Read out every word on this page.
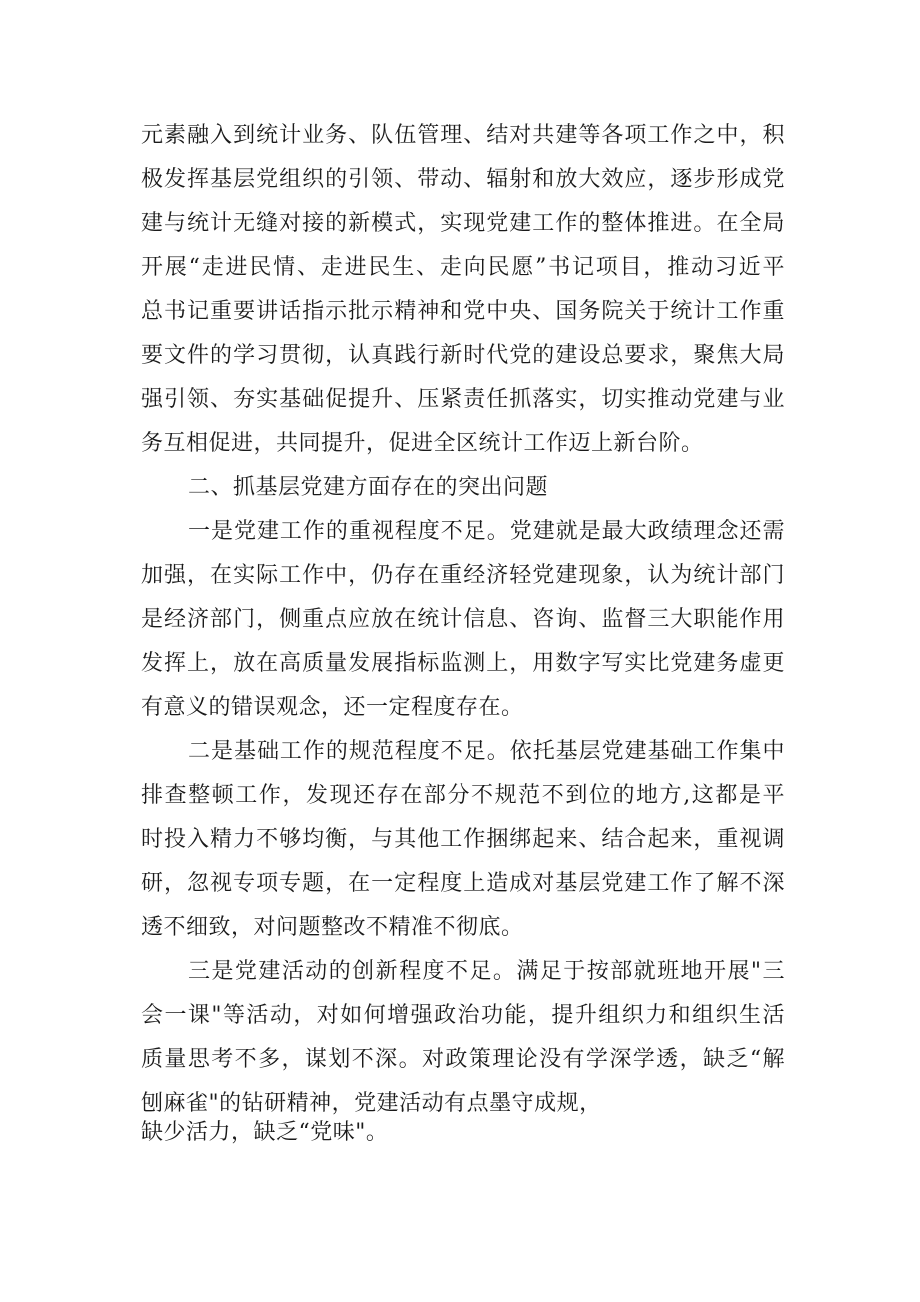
元素融入到统计业务、队伍管理、结对共建等各项工作之中，积
极发挥基层党组织的引领、带动、辐射和放大效应，逐步形成党
建与统计无缝对接的新模式，实现党建工作的整体推进。在全局
开展“走进民情、走进民生、走向民愿”书记项目，推动习近平
总书记重要讲话指示批示精神和党中央、国务院关于统计工作重
要文件的学习贯彻，认真践行新时代党的建设总要求，聚焦大局
强引领、夯实基础促提升、压紧责任抓落实，切实推动党建与业
务互相促进，共同提升，促进全区统计工作迈上新台阶。
二、抓基层党建方面存在的突出问题
一是党建工作的重视程度不足。党建就是最大政绩理念还需
加强，在实际工作中，仍存在重经济轻党建现象，认为统计部门
是经济部门，侧重点应放在统计信息、咨询、监督三大职能作用
发挥上，放在高质量发展指标监测上，用数字写实比党建务虚更
有意义的错误观念，还一定程度存在。
二是基础工作的规范程度不足。依托基层党建基础工作集中
排查整顿工作，发现还存在部分不规范不到位的地方,这都是平
时投入精力不够均衡，与其他工作捆绑起来、结合起来，重视调
研，忽视专项专题，在一定程度上造成对基层党建工作了解不深
透不细致，对问题整改不精准不彻底。
三是党建活动的创新程度不足。满足于按部就班地开展"三
会一课"等活动，对如何增强政治功能，提升组织力和组织生活
质量思考不多，谋划不深。对政策理论没有学深学透，缺乏“解
刨麻雀"的钻研精神，党建活动有点墨守成规，
缺少活力，缺乏“党味"。
